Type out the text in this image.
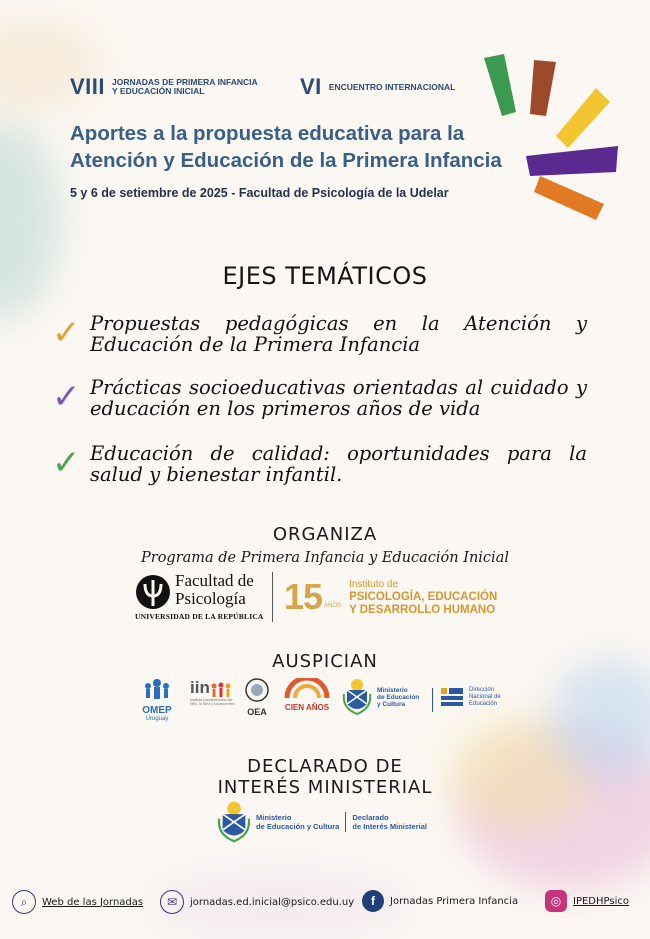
VIII JORNADAS DE PRIMERA INFANCIA
Y EDUCACIÓN INICIAL	VI ENCUENTRO INTERNACIONAL
Aportes a la propuesta educativa para la
Atención y Educación de la Primera Infancia
5 y 6 de setiembre de 2025 - Facultad de Psicología de la Udelar
EJES TEMÁTICOS
✓ Propuestas pedagógicas en la Atención y Educación de la Primera Infancia
✓ Prácticas socioeducativas orientadas al cuidado y educación en los primeros años de vida
✓ Educación de calidad: oportunidades para la salud y bienestar infantil.
ORGANIZA
Programa de Primera Infancia y Educación Inicial
Facultad de
Psicología
UNIVERSIDAD DE LA REPÚBLICA 15 AÑOS
Instituto de
PSICOLOGÍA, EDUCACIÓN
Y DESARROLLO HUMANO
AUSPICIAN
OMEP
Uruguay
iin
Instituto Interamericano del Niño, la Niña y Adolescentes
OEA	CIEN AÑOS
Ministerio
de Educación
y Cultura
Dirección
Nacional de
Educación
DECLARADO DE
INTERÉS MINISTERIAL
Ministerio
de Educación y Cultura
Declarado
de Interés Ministerial
⌕	Web de las Jornadas	✉	jornadas.ed.inicial@psico.edu.uy	f	Jornadas Primera Infancia	◎	IPEDHPsico
